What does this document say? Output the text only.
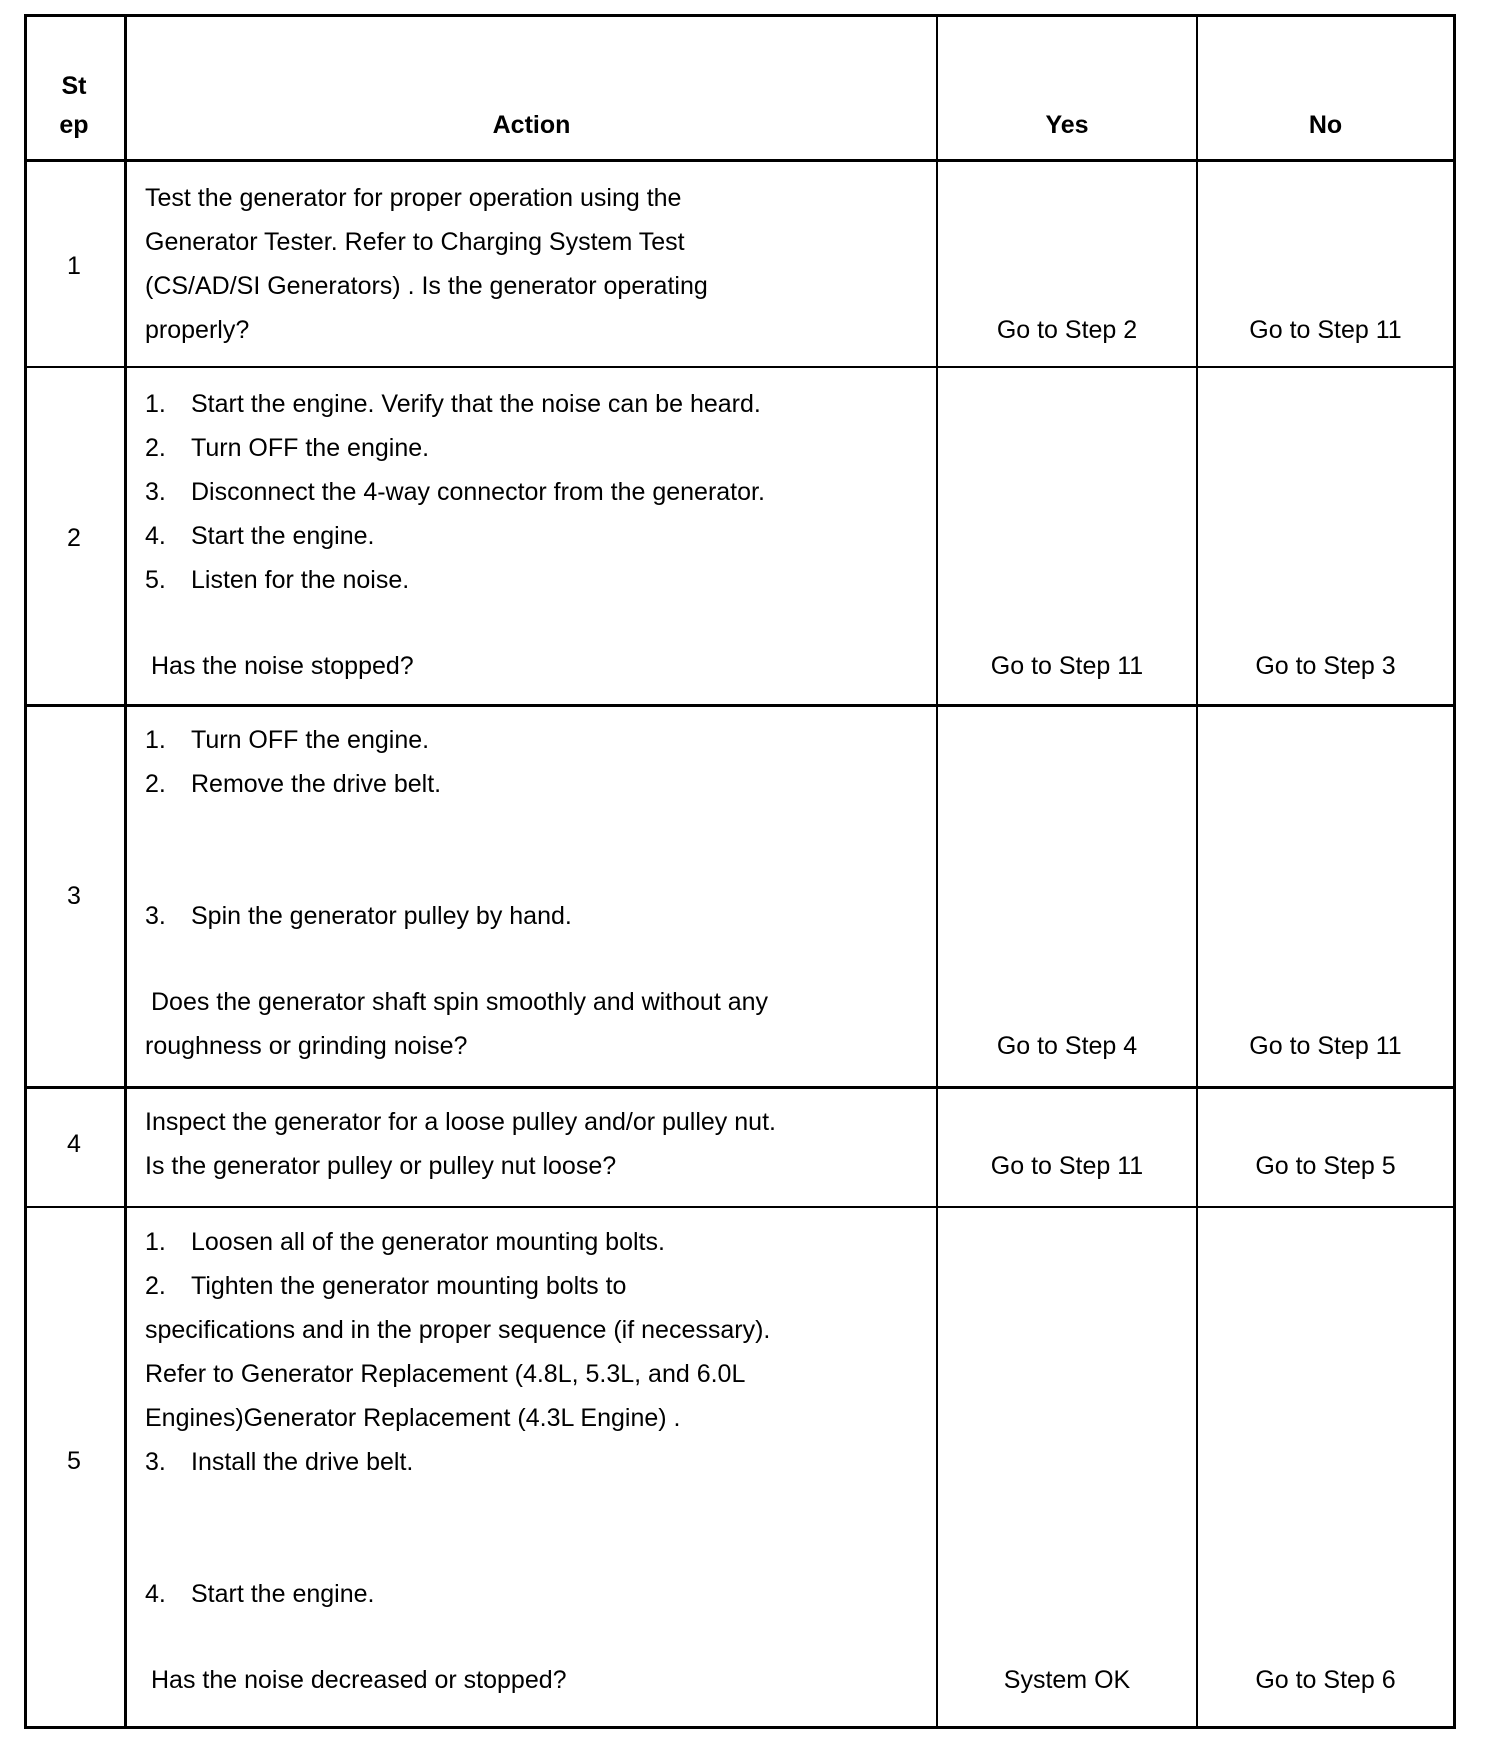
St
ep	Action	Yes	No
1
Test the generator for proper operation using the
Generator Tester. Refer to Charging System Test
(CS/AD/SI Generators) . Is the generator operating
properly?	Go to Step 2	Go to Step 11
2
1. Start the engine. Verify that the noise can be heard.
2. Turn OFF the engine.
3. Disconnect the 4-way connector from the generator.
4. Start the engine.
5. Listen for the noise.
Has the noise stopped?	Go to Step 11	Go to Step 3
3
1. Turn OFF the engine.
2. Remove the drive belt.
3. Spin the generator pulley by hand.
Does the generator shaft spin smoothly and without any
roughness or grinding noise?	Go to Step 4	Go to Step 11
4
Inspect the generator for a loose pulley and/or pulley nut.
Is the generator pulley or pulley nut loose?	Go to Step 11	Go to Step 5
5
1. Loosen all of the generator mounting bolts.
2. Tighten the generator mounting bolts to
specifications and in the proper sequence (if necessary).
Refer to Generator Replacement (4.8L, 5.3L, and 6.0L
Engines)Generator Replacement (4.3L Engine) .
3. Install the drive belt.
4. Start the engine.
Has the noise decreased or stopped?	System OK	Go to Step 6
